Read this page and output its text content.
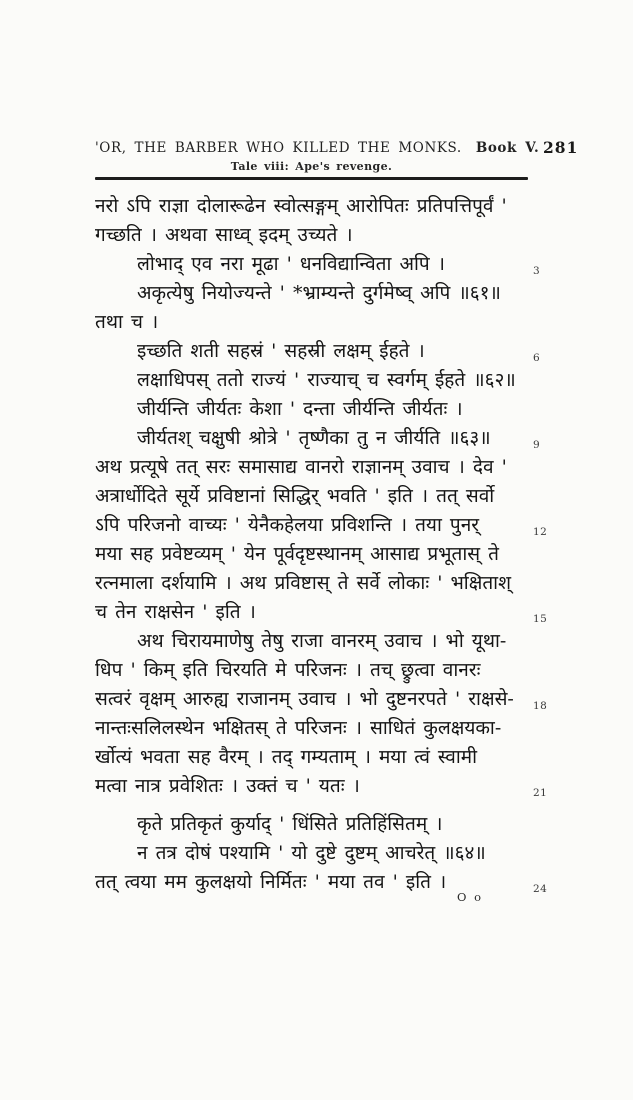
'OR, THE BARBER WHO KILLED THE MONKS. Book V. 281
Tale viii: Ape's revenge.
नरो ऽपि राज्ञा दोलारूढेन स्वोत्सङ्गम् आरोपितः प्रतिपत्तिपूर्वं '
गच्छति । अथवा साध्व् इदम् उच्यते ।
लोभाद् एव नरा मूढा ' धनविद्यान्विता अपि ।	3
अकृत्येषु नियोज्यन्ते ' *भ्राम्यन्ते दुर्गमेष्व् अपि ॥६१॥
तथा च ।
इच्छति शती सहस्रं ' सहस्री लक्षम् ईहते ।	6
लक्षाधिपस् ततो राज्यं ' राज्याच् च स्वर्गम् ईहते ॥६२॥
जीर्यन्ति जीर्यतः केशा ' दन्ता जीर्यन्ति जीर्यतः ।
जीर्यतश् चक्षुषी श्रोत्रे ' तृष्णैका तु न जीर्यति ॥६३॥	9
अथ प्रत्यूषे तत् सरः समासाद्य वानरो राज्ञानम् उवाच । देव '
अत्रार्धोदिते सूर्ये प्रविष्टानां सिद्धिर् भवति ' इति । तत् सर्वो
ऽपि परिजनो वाच्यः ' येनैकहेलया प्रविशन्ति । तया पुनर्	12
मया सह प्रवेष्टव्यम् ' येन पूर्वदृष्टस्थानम् आसाद्य प्रभूतास् ते
रत्नमाला दर्शयामि । अथ प्रविष्टास् ते सर्वे लोकाः ' भक्षिताश्
च तेन राक्षसेन ' इति ।	15
अथ चिरायमाणेषु तेषु राजा वानरम् उवाच । भो यूथा-
धिप ' किम् इति चिरयति मे परिजनः । तच् छ्रुत्वा वानरः
सत्वरं वृक्षम् आरुह्य राजानम् उवाच । भो दुष्टनरपते ' राक्षसे- 18
नान्तःसलिलस्थेन भक्षितस् ते परिजनः । साधितं कुलक्षयका-
र्खोत्यं भवता सह वैरम् । तद् गम्यताम् । मया त्वं स्वामी
मत्वा नात्र प्रवेशितः । उक्तं च ' यतः ।	21
कृते प्रतिकृतं कुर्याद् ' धिंसिते प्रतिहिंसितम् ।
न तत्र दोषं पश्यामि ' यो दुष्टे दुष्टम् आचरेत् ॥६४॥
तत् त्वया मम कुलक्षयो निर्मितः ' मया तव ' इति ।	24
O o
